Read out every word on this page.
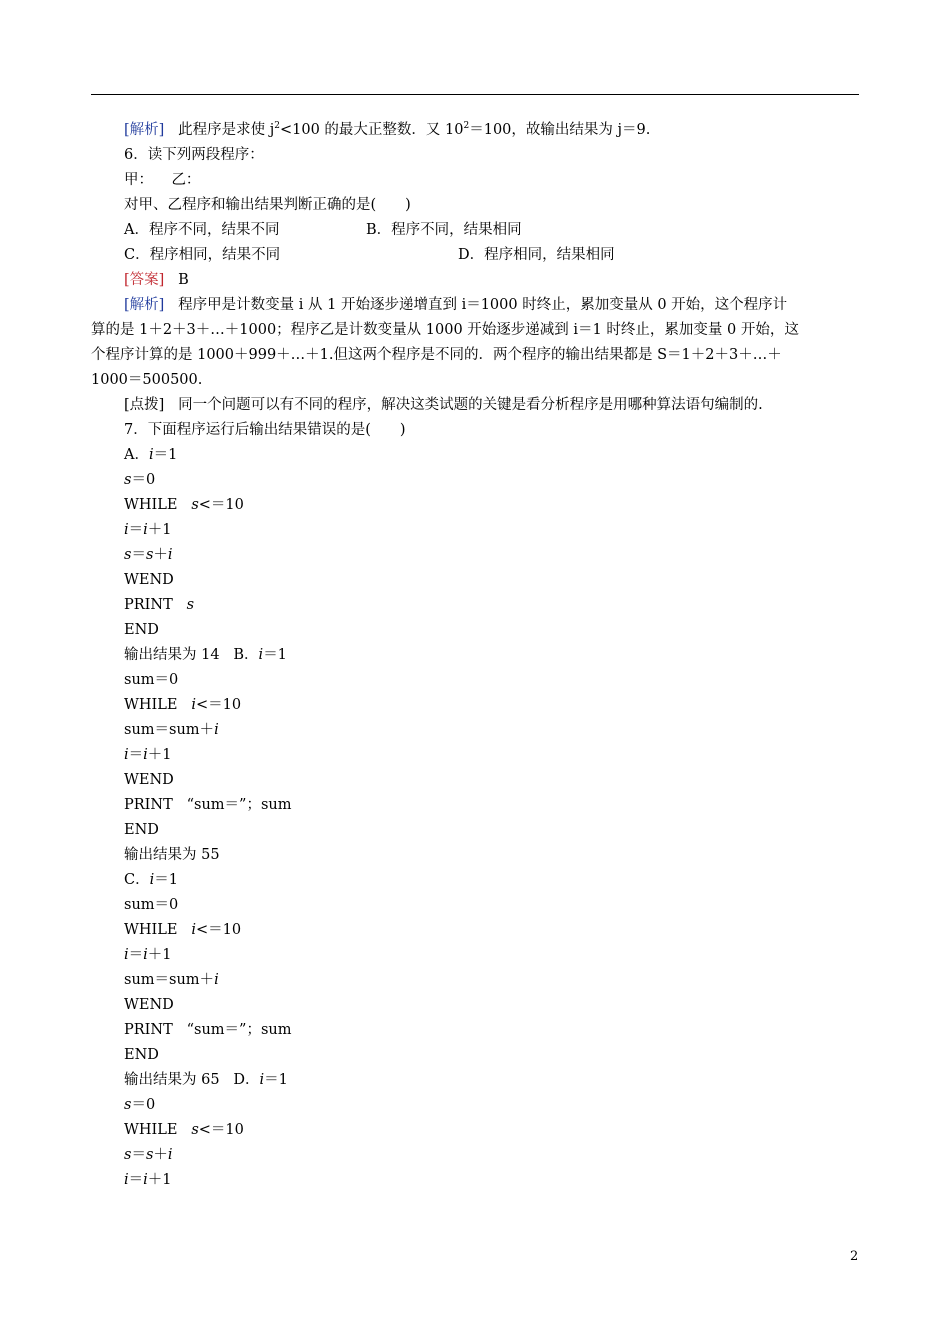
[解析] 此程序是求使 $j^2<100$ 的最大正整数．又 $10^2=100$，故输出结果为 j＝9.
6．读下列两段程序：
甲： 乙：
对甲、乙程序和输出结果判断正确的是(　　)
A．程序不同，结果不同	B．程序不同，结果相同
C．程序相同，结果不同	D．程序相同，结果相同
[答案] B
[解析] 程序甲是计数变量 i 从 1 开始逐步递增直到 i＝1000 时终止，累加变量从 0 开始，这个程序计
算的是 1＋2＋3＋…＋1000；程序乙是计数变量从 1000 开始逐步递减到 i＝1 时终止，累加变量 0 开始，这
个程序计算的是 1000＋999＋…＋1.但这两个程序是不同的．两个程序的输出结果都是 S＝1＋2＋3＋…＋
1000＝500500.
[点拨] 同一个问题可以有不同的程序，解决这类试题的关键是看分析程序是用哪种算法语句编制的.
7．下面程序运行后输出结果错误的是(　　)
A．i＝1
s＝0
WHILE s<＝10
i＝i＋1
s＝s＋i
WEND
PRINT s
END
输出结果为 14 B．i＝1
sum＝0
WHILE i<＝10
sum＝sum＋i
i＝i＋1
WEND
PRINT “sum＝”；sum
END
输出结果为 55
C．i＝1
sum＝0
WHILE i<＝10
i＝i＋1
sum＝sum＋i
WEND
PRINT “sum＝”；sum
END
输出结果为 65 D．i＝1
s＝0
WHILE s<＝10
s＝s＋i
i＝i＋1
2
